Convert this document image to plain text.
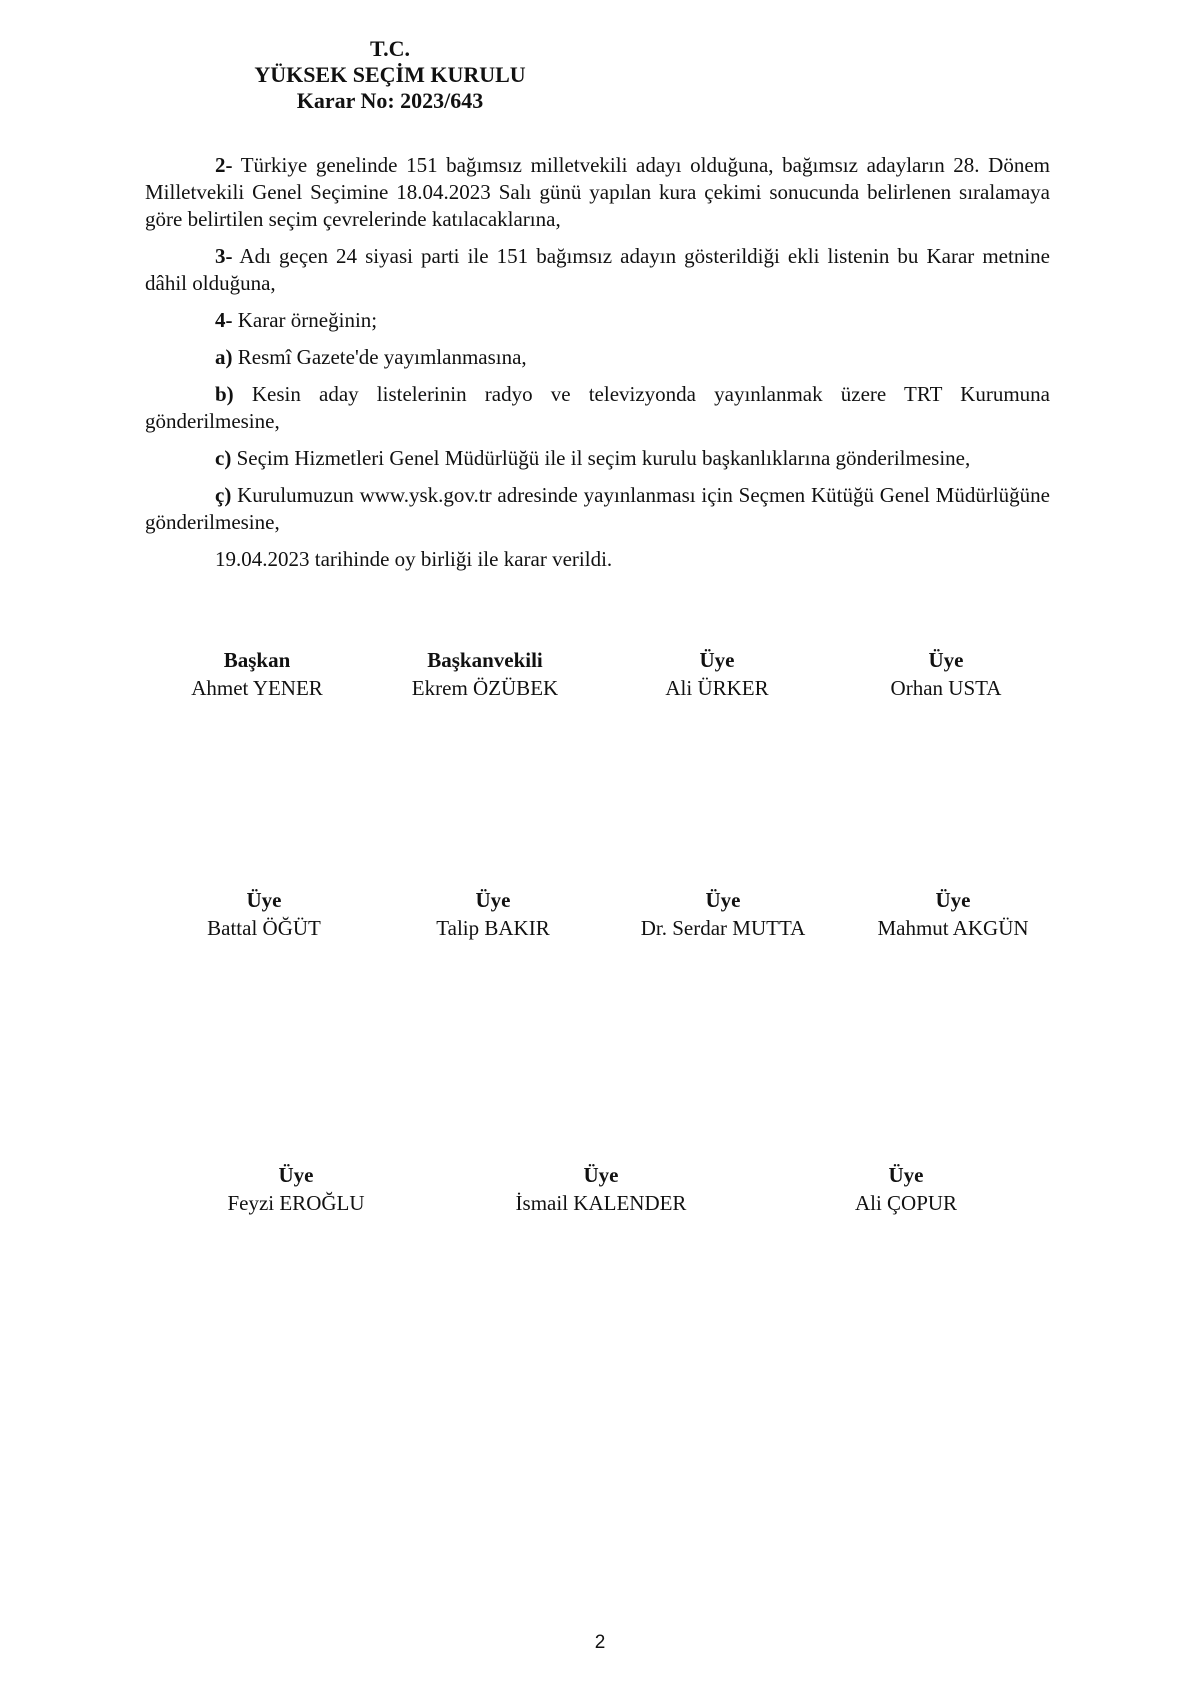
T.C.
YÜKSEK SEÇİM KURULU
Karar No: 2023/643

2- Türkiye genelinde 151 bağımsız milletvekili adayı olduğuna, bağımsız adayların 28. Dönem Milletvekili Genel Seçimine 18.04.2023 Salı günü yapılan kura çekimi sonucunda belirlenen sıralamaya göre belirtilen seçim çevrelerinde katılacaklarına,

3- Adı geçen 24 siyasi parti ile 151 bağımsız adayın gösterildiği ekli listenin bu Karar metnine dâhil olduğuna,

4- Karar örneğinin;

a) Resmî Gazete'de yayımlanmasına,

b) Kesin aday listelerinin radyo ve televizyonda yayınlanmak üzere TRT Kurumuna gönderilmesine,

c) Seçim Hizmetleri Genel Müdürlüğü ile il seçim kurulu başkanlıklarına gönderilmesine,

ç) Kurulumuzun www.ysk.gov.tr adresinde yayınlanması için Seçmen Kütüğü Genel Müdürlüğüne gönderilmesine,

19.04.2023 tarihinde oy birliği ile karar verildi.

Başkan
Ahmet YENER
Başkanvekili
Ekrem ÖZÜBEK
Üye
Ali ÜRKER
Üye
Orhan USTA
Üye
Battal ÖĞÜT
Üye
Talip BAKIR
Üye
Dr. Serdar MUTTA
Üye
Mahmut AKGÜN
Üye
Feyzi EROĞLU
Üye
İsmail KALENDER
Üye
Ali ÇOPUR
2
